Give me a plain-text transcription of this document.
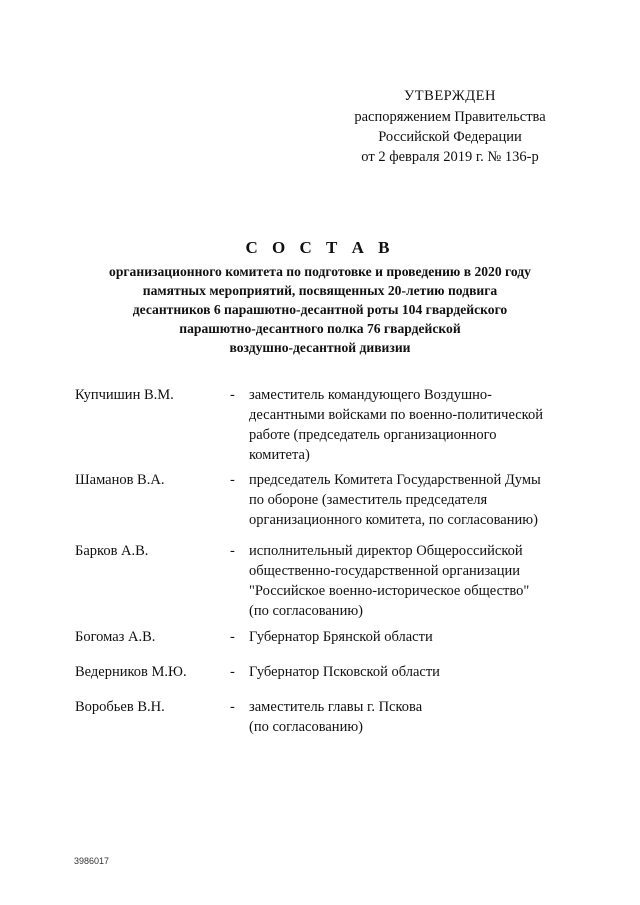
УТВЕРЖДЕН
распоряжением Правительства
Российской Федерации
от 2 февраля 2019 г. № 136-р
С О С Т А В
организационного комитета по подготовке и проведению в 2020 году
памятных мероприятий, посвященных 20-летию подвига
десантников 6 парашютно-десантной роты 104 гвардейского
парашютно-десантного полка 76 гвардейской
воздушно-десантной дивизии
Купчишин В.М.	- заместитель командующего Воздушно-
десантными войсками по военно-политической
работе (председатель организационного
комитета)
Шаманов В.А.	- председатель Комитета Государственной Думы
по обороне (заместитель председателя
организационного комитета, по согласованию)
Барков А.В.	- исполнительный директор Общероссийской
общественно-государственной организации
"Российское военно-историческое общество"
(по согласованию)
Богомаз А.В.	- Губернатор Брянской области
Ведерников М.Ю.	- Губернатор Псковской области
Воробьев В.Н.	- заместитель главы г. Пскова
(по согласованию)
3986017
